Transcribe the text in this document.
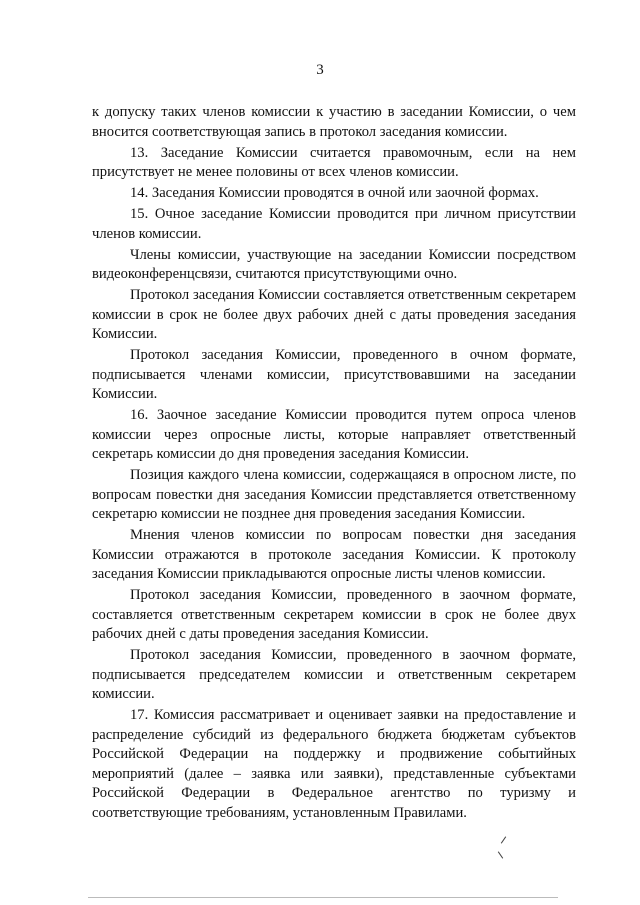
3

к допуску таких членов комиссии к участию в заседании Комиссии, о чем вносится соответствующая запись в протокол заседания комиссии.

13. Заседание Комиссии считается правомочным, если на нем присутствует не менее половины от всех членов комиссии.

14. Заседания Комиссии проводятся в очной или заочной формах.

15. Очное заседание Комиссии проводится при личном присутствии членов комиссии.

Члены комиссии, участвующие на заседании Комиссии посредством видеоконференцсвязи, считаются присутствующими очно.

Протокол заседания Комиссии составляется ответственным секретарем комиссии в срок не более двух рабочих дней с даты проведения заседания Комиссии.

Протокол заседания Комиссии, проведенного в очном формате, подписывается членами комиссии, присутствовавшими на заседании Комиссии.

16. Заочное заседание Комиссии проводится путем опроса членов комиссии через опросные листы, которые направляет ответственный секретарь комиссии до дня проведения заседания Комиссии.

Позиция каждого члена комиссии, содержащаяся в опросном листе, по вопросам повестки дня заседания Комиссии представляется ответственному секретарю комиссии не позднее дня проведения заседания Комиссии.

Мнения членов комиссии по вопросам повестки дня заседания Комиссии отражаются в протоколе заседания Комиссии. К протоколу заседания Комиссии прикладываются опросные листы членов комиссии.

Протокол заседания Комиссии, проведенного в заочном формате, составляется ответственным секретарем комиссии в срок не более двух рабочих дней с даты проведения заседания Комиссии.

Протокол заседания Комиссии, проведенного в заочном формате, подписывается председателем комиссии и ответственным секретарем комиссии.

17. Комиссия рассматривает и оценивает заявки на предоставление и распределение субсидий из федерального бюджета бюджетам субъектов Российской Федерации на поддержку и продвижение событийных мероприятий (далее – заявка или заявки), представленные субъектами Российской Федерации в Федеральное агентство по туризму и соответствующие требованиям, установленным Правилами.
